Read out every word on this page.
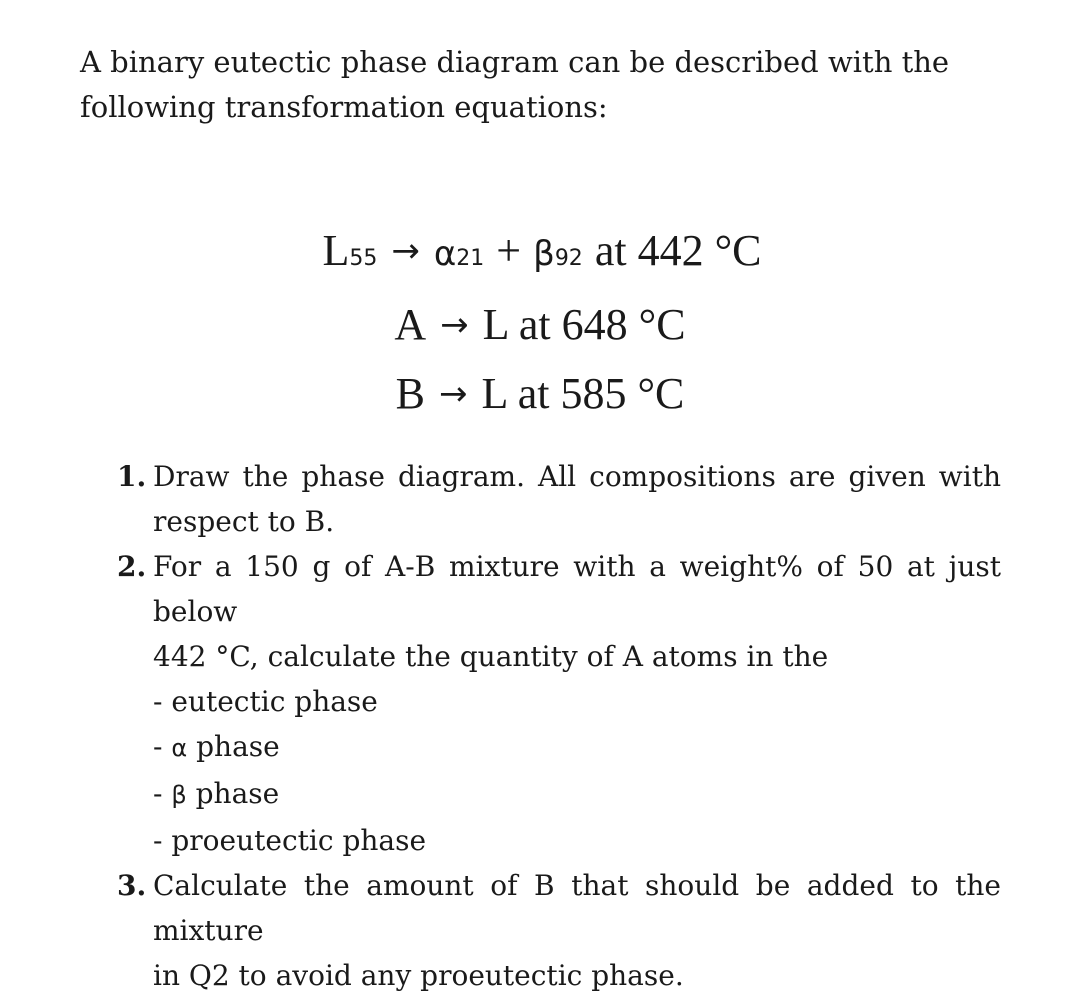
A binary eutectic phase diagram can be described with the
following transformation equations:
L 55 → α 21 + β 92 at 442 °C
A → L at 648 °C
B → L at 585 °C
1. Draw the phase diagram. All compositions are given with
respect to B.
2. For a 150 g of A-B mixture with a weight% of 50 at just below
442 °C, calculate the quantity of A atoms in the
- eutectic phase
- α phase
- β phase
- proeutectic phase
3. Calculate the amount of B that should be added to the mixture
in Q2 to avoid any proeutectic phase.
